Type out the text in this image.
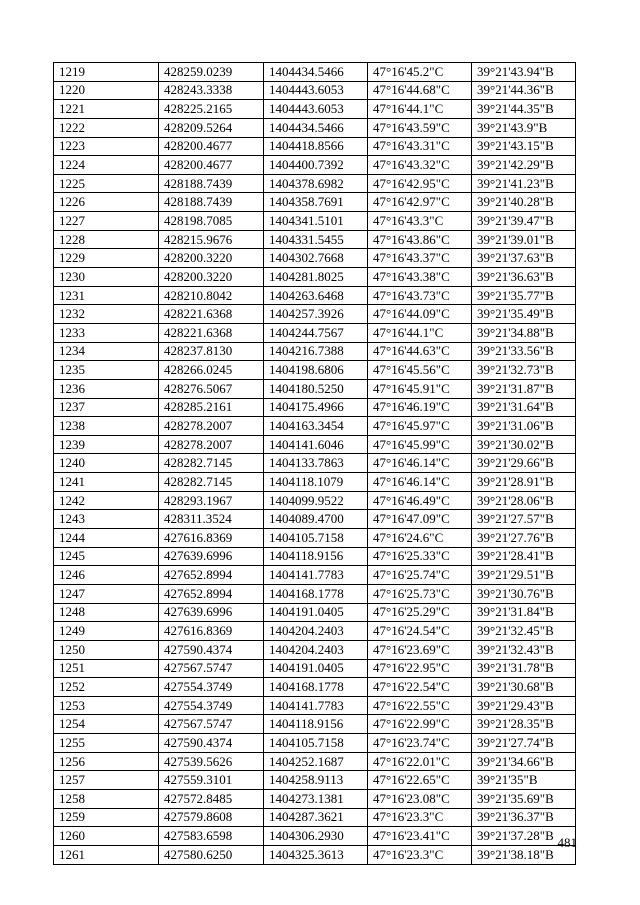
1219	428259.0239	1404434.5466	47°16'45.2"С	39°21'43.94"В
1220	428243.3338	1404443.6053	47°16'44.68"С	39°21'44.36"В
1221	428225.2165	1404443.6053	47°16'44.1"С	39°21'44.35"В
1222	428209.5264	1404434.5466	47°16'43.59"С	39°21'43.9"В
1223	428200.4677	1404418.8566	47°16'43.31"С	39°21'43.15"В
1224	428200.4677	1404400.7392	47°16'43.32"С	39°21'42.29"В
1225	428188.7439	1404378.6982	47°16'42.95"С	39°21'41.23"В
1226	428188.7439	1404358.7691	47°16'42.97"С	39°21'40.28"В
1227	428198.7085	1404341.5101	47°16'43.3"С	39°21'39.47"В
1228	428215.9676	1404331.5455	47°16'43.86"С	39°21'39.01"В
1229	428200.3220	1404302.7668	47°16'43.37"С	39°21'37.63"В
1230	428200.3220	1404281.8025	47°16'43.38"С	39°21'36.63"В
1231	428210.8042	1404263.6468	47°16'43.73"С	39°21'35.77"В
1232	428221.6368	1404257.3926	47°16'44.09"С	39°21'35.49"В
1233	428221.6368	1404244.7567	47°16'44.1"С	39°21'34.88"В
1234	428237.8130	1404216.7388	47°16'44.63"С	39°21'33.56"В
1235	428266.0245	1404198.6806	47°16'45.56"С	39°21'32.73"В
1236	428276.5067	1404180.5250	47°16'45.91"С	39°21'31.87"В
1237	428285.2161	1404175.4966	47°16'46.19"С	39°21'31.64"В
1238	428278.2007	1404163.3454	47°16'45.97"С	39°21'31.06"В
1239	428278.2007	1404141.6046	47°16'45.99"С	39°21'30.02"В
1240	428282.7145	1404133.7863	47°16'46.14"С	39°21'29.66"В
1241	428282.7145	1404118.1079	47°16'46.14"С	39°21'28.91"В
1242	428293.1967	1404099.9522	47°16'46.49"С	39°21'28.06"В
1243	428311.3524	1404089.4700	47°16'47.09"С	39°21'27.57"В
1244	427616.8369	1404105.7158	47°16'24.6"С	39°21'27.76"В
1245	427639.6996	1404118.9156	47°16'25.33"С	39°21'28.41"В
1246	427652.8994	1404141.7783	47°16'25.74"С	39°21'29.51"В
1247	427652.8994	1404168.1778	47°16'25.73"С	39°21'30.76"В
1248	427639.6996	1404191.0405	47°16'25.29"С	39°21'31.84"В
1249	427616.8369	1404204.2403	47°16'24.54"С	39°21'32.45"В
1250	427590.4374	1404204.2403	47°16'23.69"С	39°21'32.43"В
1251	427567.5747	1404191.0405	47°16'22.95"С	39°21'31.78"В
1252	427554.3749	1404168.1778	47°16'22.54"С	39°21'30.68"В
1253	427554.3749	1404141.7783	47°16'22.55"С	39°21'29.43"В
1254	427567.5747	1404118.9156	47°16'22.99"С	39°21'28.35"В
1255	427590.4374	1404105.7158	47°16'23.74"С	39°21'27.74"В
1256	427539.5626	1404252.1687	47°16'22.01"С	39°21'34.66"В
1257	427559.3101	1404258.9113	47°16'22.65"С	39°21'35"В
1258	427572.8485	1404273.1381	47°16'23.08"С	39°21'35.69"В
1259	427579.8608	1404287.3621	47°16'23.3"С	39°21'36.37"В
1260	427583.6598	1404306.2930	47°16'23.41"С	39°21'37.28"В
1261	427580.6250	1404325.3613	47°16'23.3"С	39°21'38.18"В
481
